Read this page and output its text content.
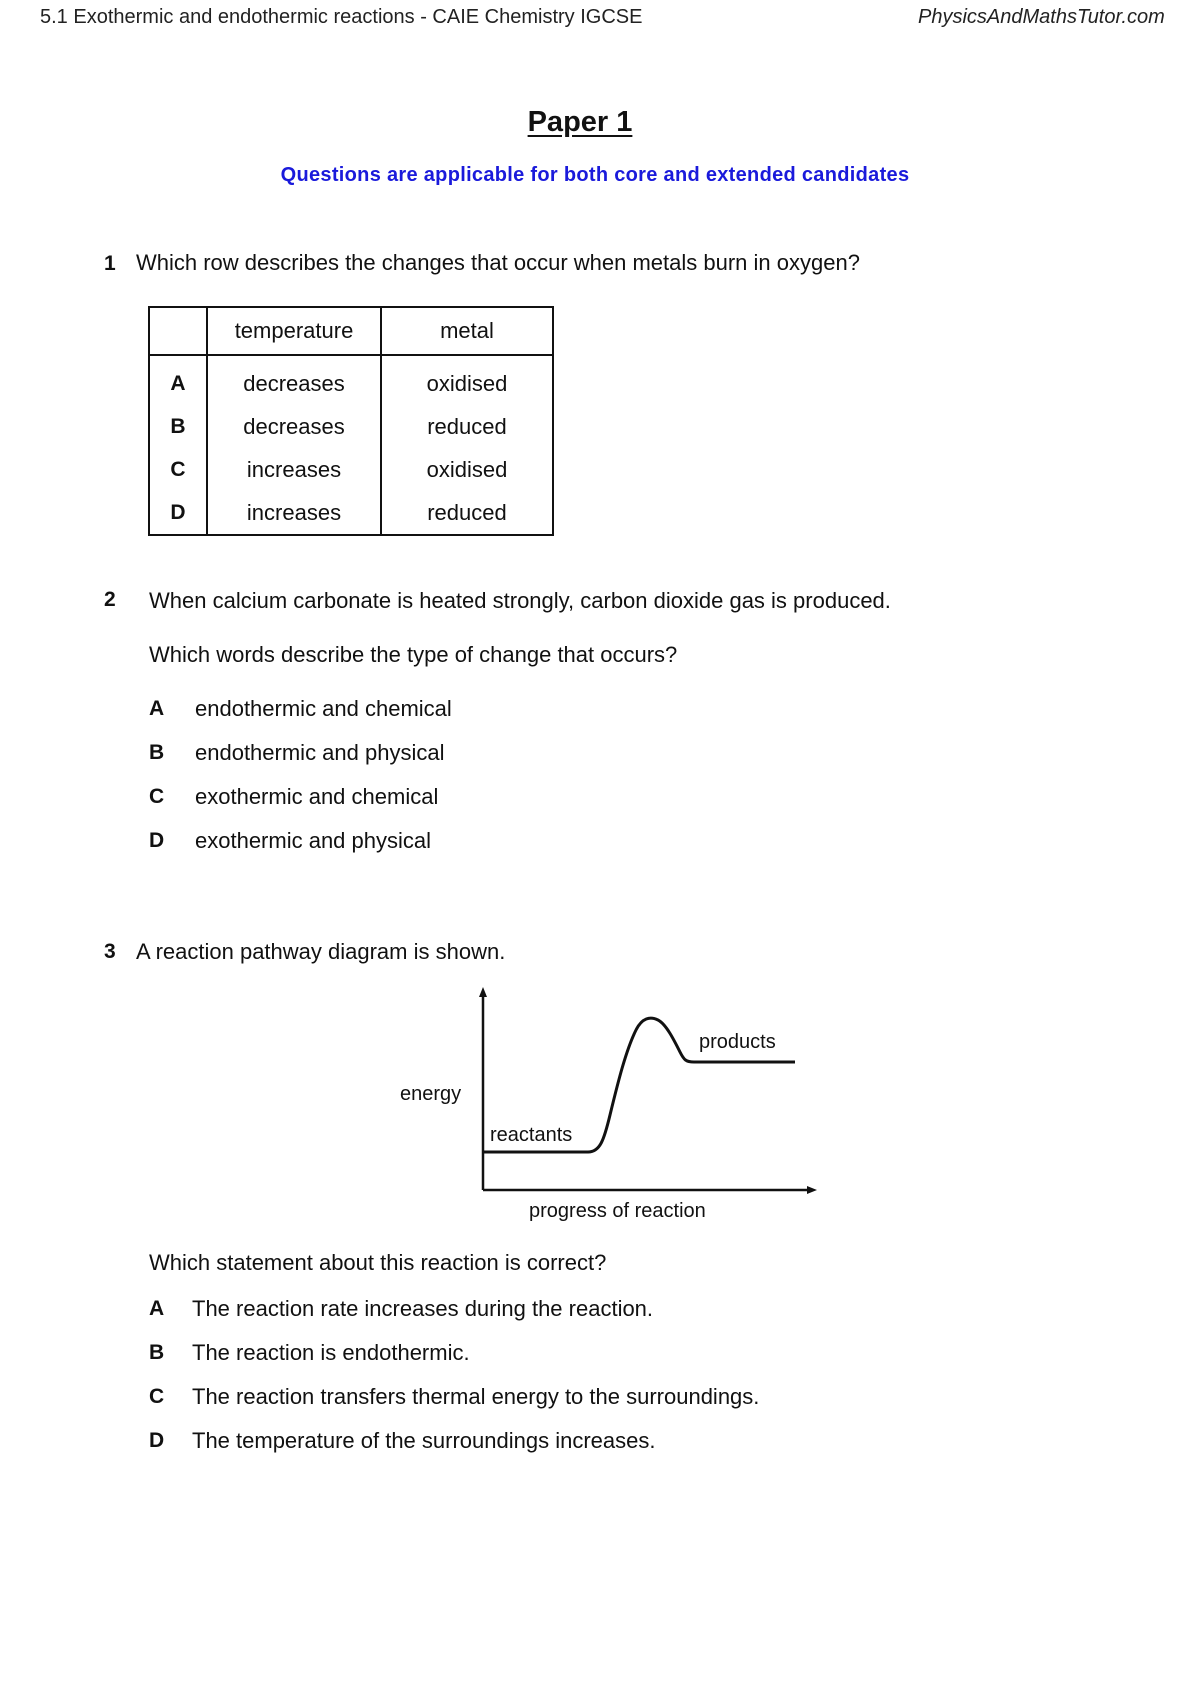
5.1 Exothermic and endothermic reactions - CAIE Chemistry IGCSE	PhysicsAndMathsTutor.com
Paper 1
Questions are applicable for both core and extended candidates
1 Which row describes the changes that occur when metals burn in oxygen?
	temperature	metal
A	decreases	oxidised
B	decreases	reduced
C	increases	oxidised
D	increases	reduced
2 When calcium carbonate is heated strongly, carbon dioxide gas is produced.
Which words describe the type of change that occurs?
A endothermic and chemical
B endothermic and physical
C exothermic and chemical
D exothermic and physical
3 A reaction pathway diagram is shown.
energy
reactants
products
progress of reaction
Which statement about this reaction is correct?
A The reaction rate increases during the reaction.
B The reaction is endothermic.
C The reaction transfers thermal energy to the surroundings.
D The temperature of the surroundings increases.
